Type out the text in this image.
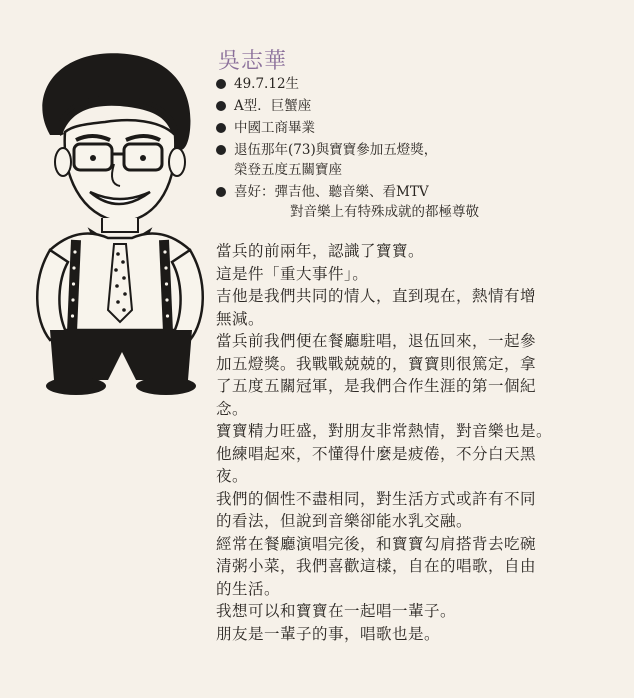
吳志華
49.7.12生
A型．巨蟹座
中國工商畢業
退伍那年(73)與寶寶參加五燈獎，
榮登五度五關寶座
喜好：彈吉他、聽音樂、看MTV
對音樂上有特殊成就的都極尊敬

當兵的前兩年，認識了寶寶。

這是件「重大事件」。

吉他是我們共同的情人，直到現在，熱情有增

無減。

當兵前我們便在餐廳駐唱，退伍回來，一起參

加五燈獎。我戰戰兢兢的，寶寶則很篤定，拿

了五度五關冠軍，是我們合作生涯的第一個紀

念。

寶寶精力旺盛，對朋友非常熱情，對音樂也是。

他練唱起來，不懂得什麼是疲倦，不分白天黑

夜。

我們的個性不盡相同，對生活方式或許有不同

的看法，但說到音樂卻能水乳交融。

經常在餐廳演唱完後，和寶寶勾肩搭背去吃碗

清粥小菜，我們喜歡這樣，自在的唱歌，自由

的生活。

我想可以和寶寶在一起唱一輩子。

朋友是一輩子的事，唱歌也是。
